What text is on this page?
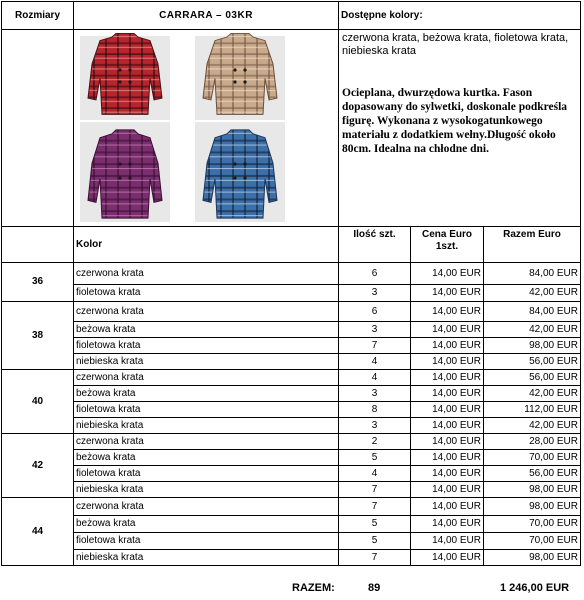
Rozmiary	CARRARA – 03KR	Dostępne kolory:		

czerwona krata, beżowa krata, fioletowa krata, niebieska krata
Ocieplana, dwurzędowa kurtka. Fason dopasowany do sylwetki, doskonale podkreśla figurę. Wykonana z wysokogatunkowego materiału z dodatkiem wełny.Długość około 80cm. Idealna na chłodne dni.		

	Kolor	Ilość szt.	Cena Euro 1szt.	Razem Euro
36	czerwona krata	6	14,00 EUR	84,00 EUR
	fioletowa krata	3	14,00 EUR	42,00 EUR
38	czerwona krata	6	14,00 EUR	84,00 EUR
	beżowa krata	3	14,00 EUR	42,00 EUR
	fioletowa krata	7	14,00 EUR	98,00 EUR
	niebieska krata	4	14,00 EUR	56,00 EUR
40	czerwona krata	4	14,00 EUR	56,00 EUR
	beżowa krata	3	14,00 EUR	42,00 EUR
	fioletowa krata	8	14,00 EUR	112,00 EUR
	niebieska krata	3	14,00 EUR	42,00 EUR
42	czerwona krata	2	14,00 EUR	28,00 EUR
	beżowa krata	5	14,00 EUR	70,00 EUR
	fioletowa krata	4	14,00 EUR	56,00 EUR
	niebieska krata	7	14,00 EUR	98,00 EUR
44	czerwona krata	7	14,00 EUR	98,00 EUR
	beżowa krata	5	14,00 EUR	70,00 EUR
	fioletowa krata	5	14,00 EUR	70,00 EUR
	niebieska krata	7	14,00 EUR	98,00 EUR
RAZEM:	89	1 246,00 EUR
